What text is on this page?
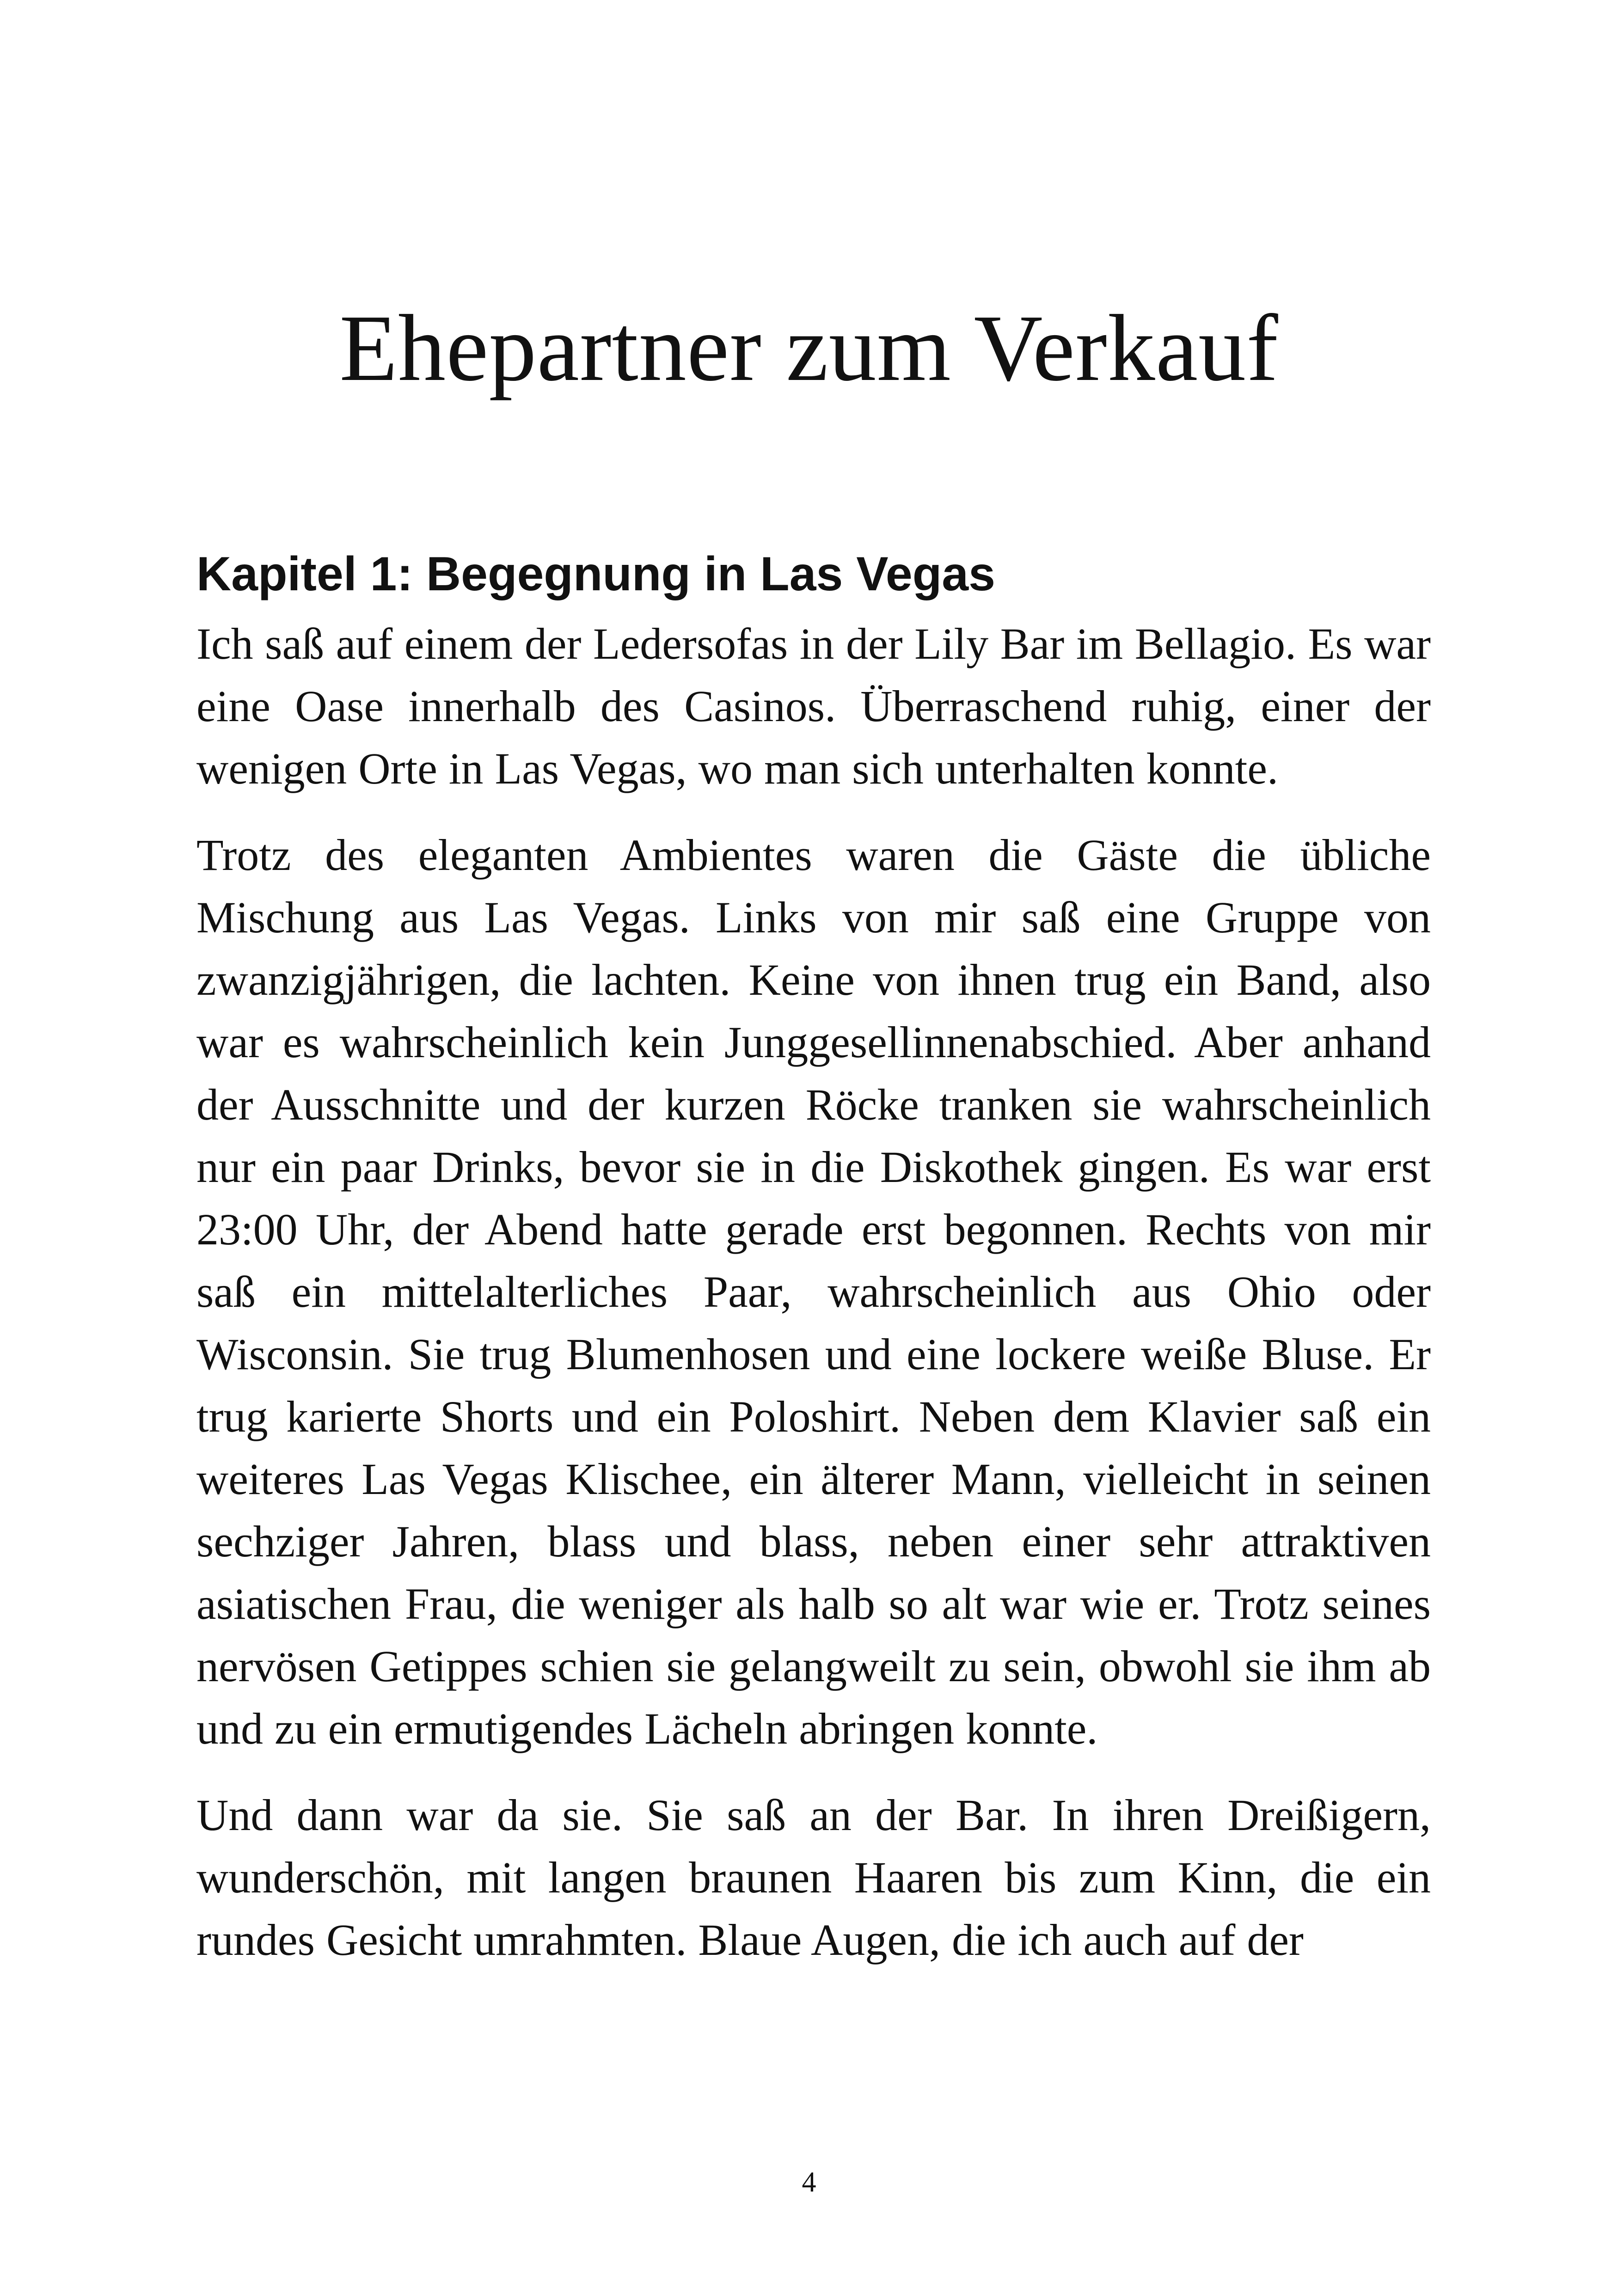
Ehepartner zum Verkauf
Kapitel 1: Begegnung in Las Vegas

Ich saß auf einem der Ledersofas in der Lily Bar im Bellagio. Es war eine Oase innerhalb des Casinos. Überraschend ruhig, einer der wenigen Orte in Las Vegas, wo man sich unterhalten konnte.

Trotz des eleganten Ambientes waren die Gäste die übliche Mischung aus Las Vegas. Links von mir saß eine Gruppe von zwanzigjährigen, die lachten. Keine von ihnen trug ein Band, also war es wahrscheinlich kein Junggesellinnenabschied. Aber anhand der Ausschnitte und der kurzen Röcke tranken sie wahrscheinlich nur ein paar Drinks, bevor sie in die Diskothek gingen. Es war erst 23:00 Uhr, der Abend hatte gerade erst begonnen. Rechts von mir saß ein mittelalterliches Paar, wahrscheinlich aus Ohio oder Wisconsin. Sie trug Blumenhosen und eine lockere weiße Bluse. Er trug karierte Shorts und ein Poloshirt. Neben dem Klavier saß ein weiteres Las Vegas Klischee, ein älterer Mann, vielleicht in seinen sechziger Jahren, blass und blass, neben einer sehr attraktiven asiatischen Frau, die weniger als halb so alt war wie er. Trotz seines nervösen Getippes schien sie gelangweilt zu sein, obwohl sie ihm ab und zu ein ermutigendes Lächeln abringen konnte.

Und dann war da sie. Sie saß an der Bar. In ihren Dreißigern, wunderschön, mit langen braunen Haaren bis zum Kinn, die ein rundes Gesicht umrahmten. Blaue Augen, die ich auch auf der

4
